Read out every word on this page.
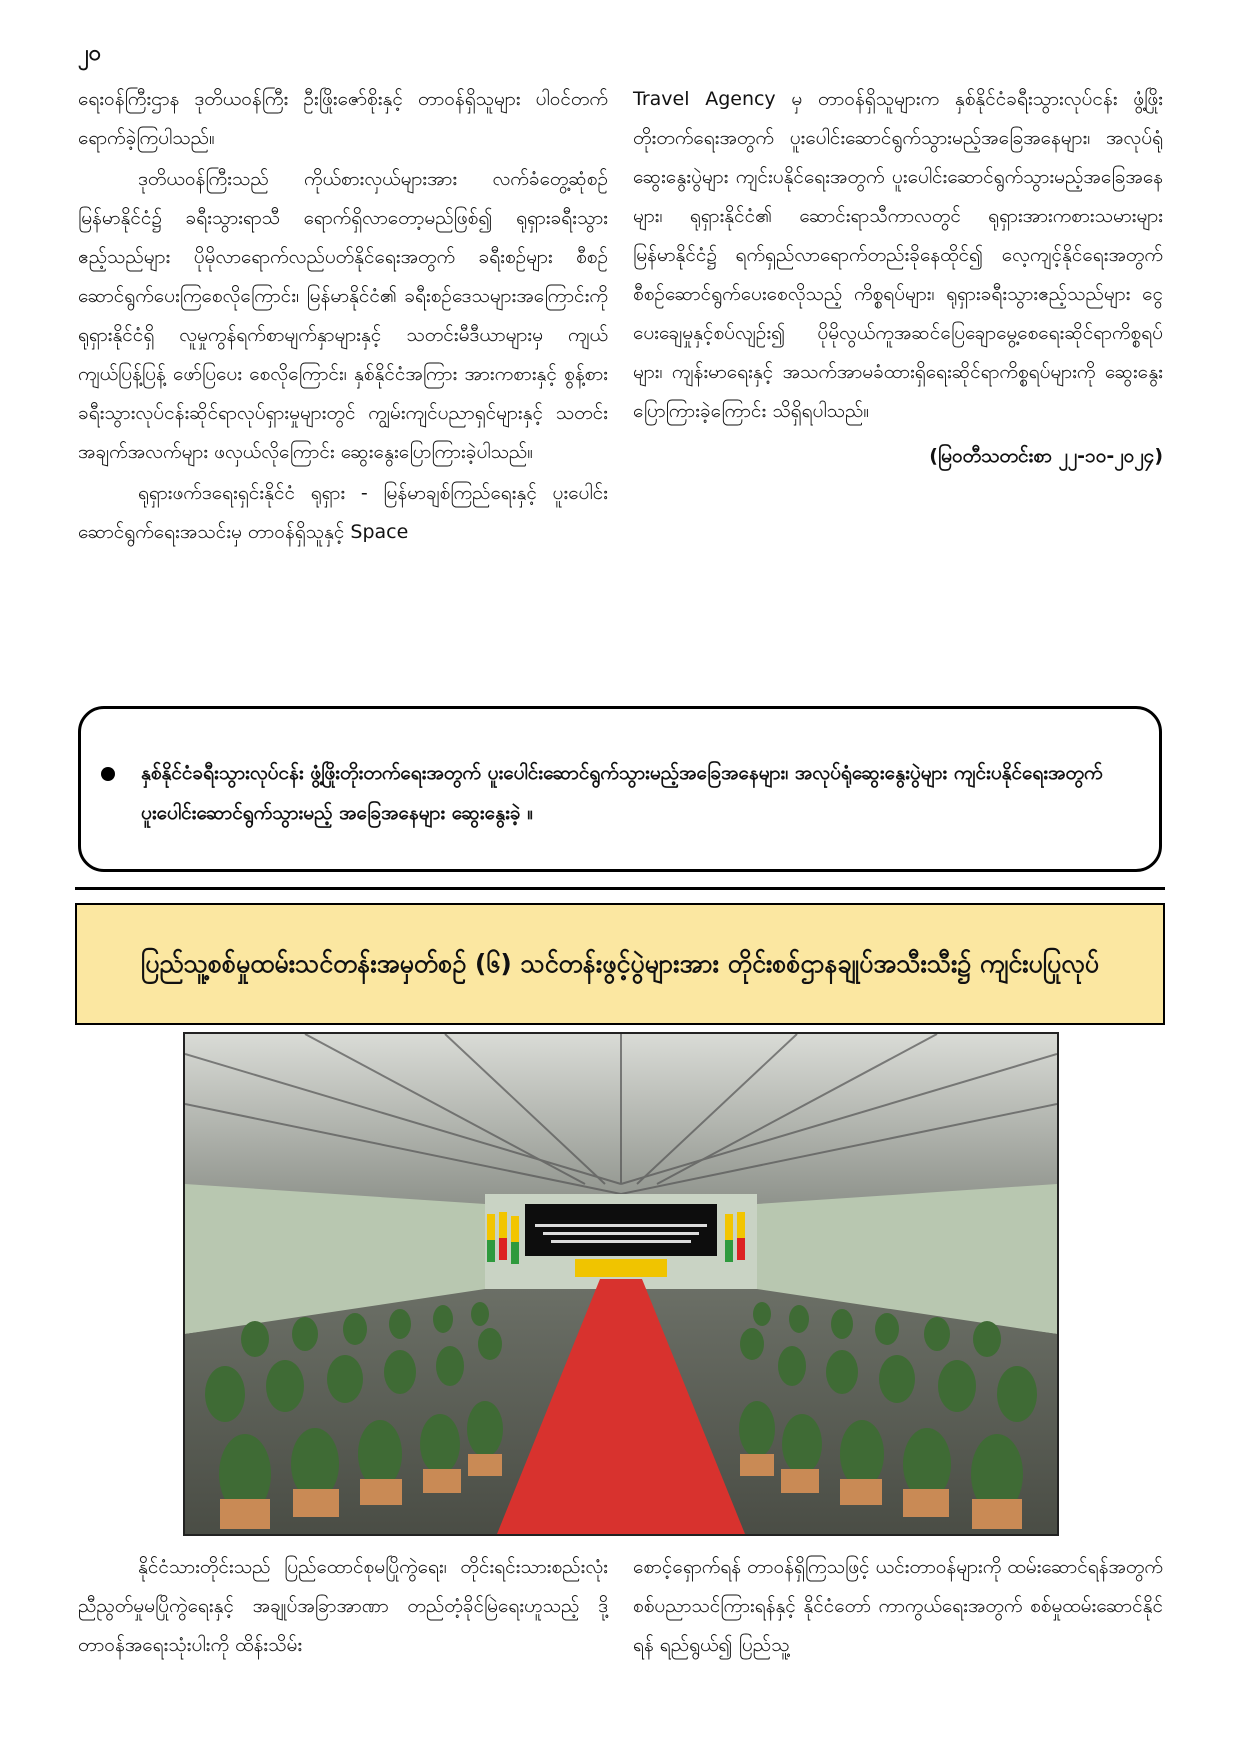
၂၀

ရေးဝန်ကြီးဌာန ဒုတိယဝန်ကြီး ဦးဖြိုးဇော်စိုးနှင့် တာဝန်ရှိသူများ ပါဝင်တက်ရောက်ခဲ့ကြပါသည်။

ဒုတိယဝန်ကြီးသည် ကိုယ်စားလှယ်များအား လက်ခံတွေ့ဆုံစဉ် မြန်မာနိုင်ငံ၌ ခရီးသွားရာသီ ရောက်ရှိလာတော့မည်ဖြစ်၍ ရုရှားခရီးသွားဧည့်သည်များ ပိုမိုလာရောက်လည်ပတ်နိုင်ရေးအတွက် ခရီးစဉ်များ စီစဉ်ဆောင်ရွက်ပေးကြစေလိုကြောင်း၊ မြန်မာနိုင်ငံ၏ ခရီးစဉ်ဒေသများအကြောင်းကို ရုရှားနိုင်ငံရှိ လူမှုကွန်ရက်စာမျက်နှာများနှင့် သတင်းမီဒီယာများမှ ကျယ်ကျယ်ပြန့်ပြန့် ဖော်ပြပေး စေလိုကြောင်း၊ နှစ်နိုင်ငံအကြား အားကစားနှင့် စွန့်စားခရီးသွားလုပ်ငန်းဆိုင်ရာလုပ်ရှားမှုများတွင် ကျွမ်းကျင်ပညာရှင်များနှင့် သတင်းအချက်အလက်များ ဖလှယ်လိုကြောင်း ဆွေးနွေးပြောကြားခဲ့ပါသည်။

ရုရှားဖက်ဒရေးရှင်းနိုင်ငံ ရုရှား - မြန်မာချစ်ကြည်ရေးနှင့် ပူးပေါင်းဆောင်ရွက်ရေးအသင်းမှ တာဝန်ရှိသူနှင့် Space

Travel Agency မှ တာဝန်ရှိသူများက နှစ်နိုင်ငံခရီးသွားလုပ်ငန်း ဖွံ့ဖြိုးတိုးတက်ရေးအတွက် ပူးပေါင်းဆောင်ရွက်သွားမည့်အခြေအနေများ၊ အလုပ်ရုံဆွေးနွေးပွဲများ ကျင်းပနိုင်ရေးအတွက် ပူးပေါင်းဆောင်ရွက်သွားမည့်အခြေအနေများ၊ ရုရှားနိုင်ငံ၏ ဆောင်းရာသီကာလတွင် ရုရှားအားကစားသမားများ မြန်မာနိုင်ငံ၌ ရက်ရှည်လာရောက်တည်းခိုနေထိုင်၍ လေ့ကျင့်နိုင်ရေးအတွက် စီစဉ်ဆောင်ရွက်ပေးစေလိုသည့် ကိစ္စရပ်များ၊ ရုရှားခရီးသွားဧည့်သည်များ ငွေပေးချေမှုနှင့်စပ်လျဉ်း၍ ပိုမိုလွယ်ကူအဆင်ပြေချောမွေ့စေရေးဆိုင်ရာကိစ္စရပ်များ၊ ကျန်းမာရေးနှင့် အသက်အာမခံထားရှိရေးဆိုင်ရာကိစ္စရပ်များကို ဆွေးနွေးပြောကြားခဲ့ကြောင်း သိရှိရပါသည်။

(မြဝတီသတင်းစာ ၂၂-၁၀-၂၀၂၄)
နှစ်နိုင်ငံခရီးသွားလုပ်ငန်း ဖွံ့ဖြိုးတိုးတက်ရေးအတွက် ပူးပေါင်းဆောင်ရွက်သွားမည့်အခြေအနေများ၊ အလုပ်ရုံဆွေးနွေးပွဲများ ကျင်းပနိုင်ရေးအတွက် ပူးပေါင်းဆောင်ရွက်သွားမည့် အခြေအနေများ ဆွေးနွေးခဲ့ ။
ပြည်သူ့စစ်မှုထမ်းသင်တန်းအမှတ်စဉ် (၆) သင်တန်းဖွင့်ပွဲများအား တိုင်းစစ်ဌာနချုပ်အသီးသီး၌ ကျင်းပပြုလုပ်

နိုင်ငံသားတိုင်းသည် ပြည်ထောင်စုမပြိုကွဲရေး၊ တိုင်းရင်းသားစည်းလုံးညီညွတ်မှုမပြိုကွဲရေးနှင့် အချုပ်အခြာအာဏာ တည်တံ့ခိုင်မြဲရေးဟူသည့် ဒို့တာဝန်အရေးသုံးပါးကို ထိန်းသိမ်း

စောင့်ရှောက်ရန် တာဝန်ရှိကြသဖြင့် ယင်းတာဝန်များကို ထမ်းဆောင်ရန်အတွက် စစ်ပညာသင်ကြားရန်နှင့် နိုင်ငံတော် ကာကွယ်ရေးအတွက် စစ်မှုထမ်းဆောင်နိုင်ရန် ရည်ရွယ်၍ ပြည်သူ့
